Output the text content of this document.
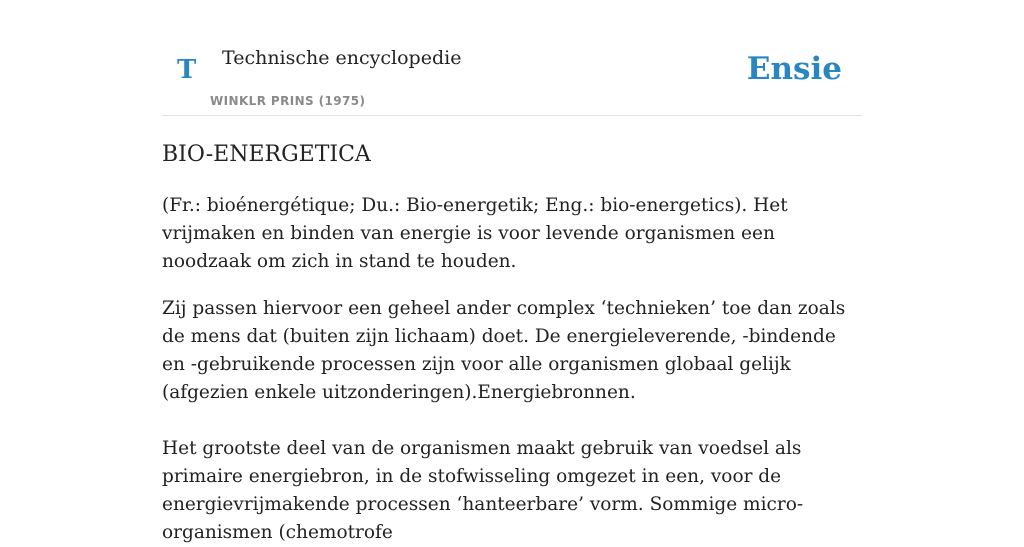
T Technische encyclopedie
WINKLR PRINS (1975)
Ensie
BIO-ENERGETICA

(Fr.: bioénergétique; Du.: Bio-energetik; Eng.: bio-energetics). Het vrijmaken en binden van energie is voor levende organismen een noodzaak om zich in stand te houden.

Zij passen hiervoor een geheel ander complex ‘technieken’ toe dan zoals de mens dat (buiten zijn lichaam) doet. De energieleverende, -bindende en -gebruikende processen zijn voor alle organismen globaal gelijk (afgezien enkele uitzonderingen).Energiebronnen.

Het grootste deel van de organismen maakt gebruik van voedsel als primaire energiebron, in de stofwisseling omgezet in een, voor de energievrijmakende processen ‘hanteerbare’ vorm. Sommige micro-organismen (chemotrofe
